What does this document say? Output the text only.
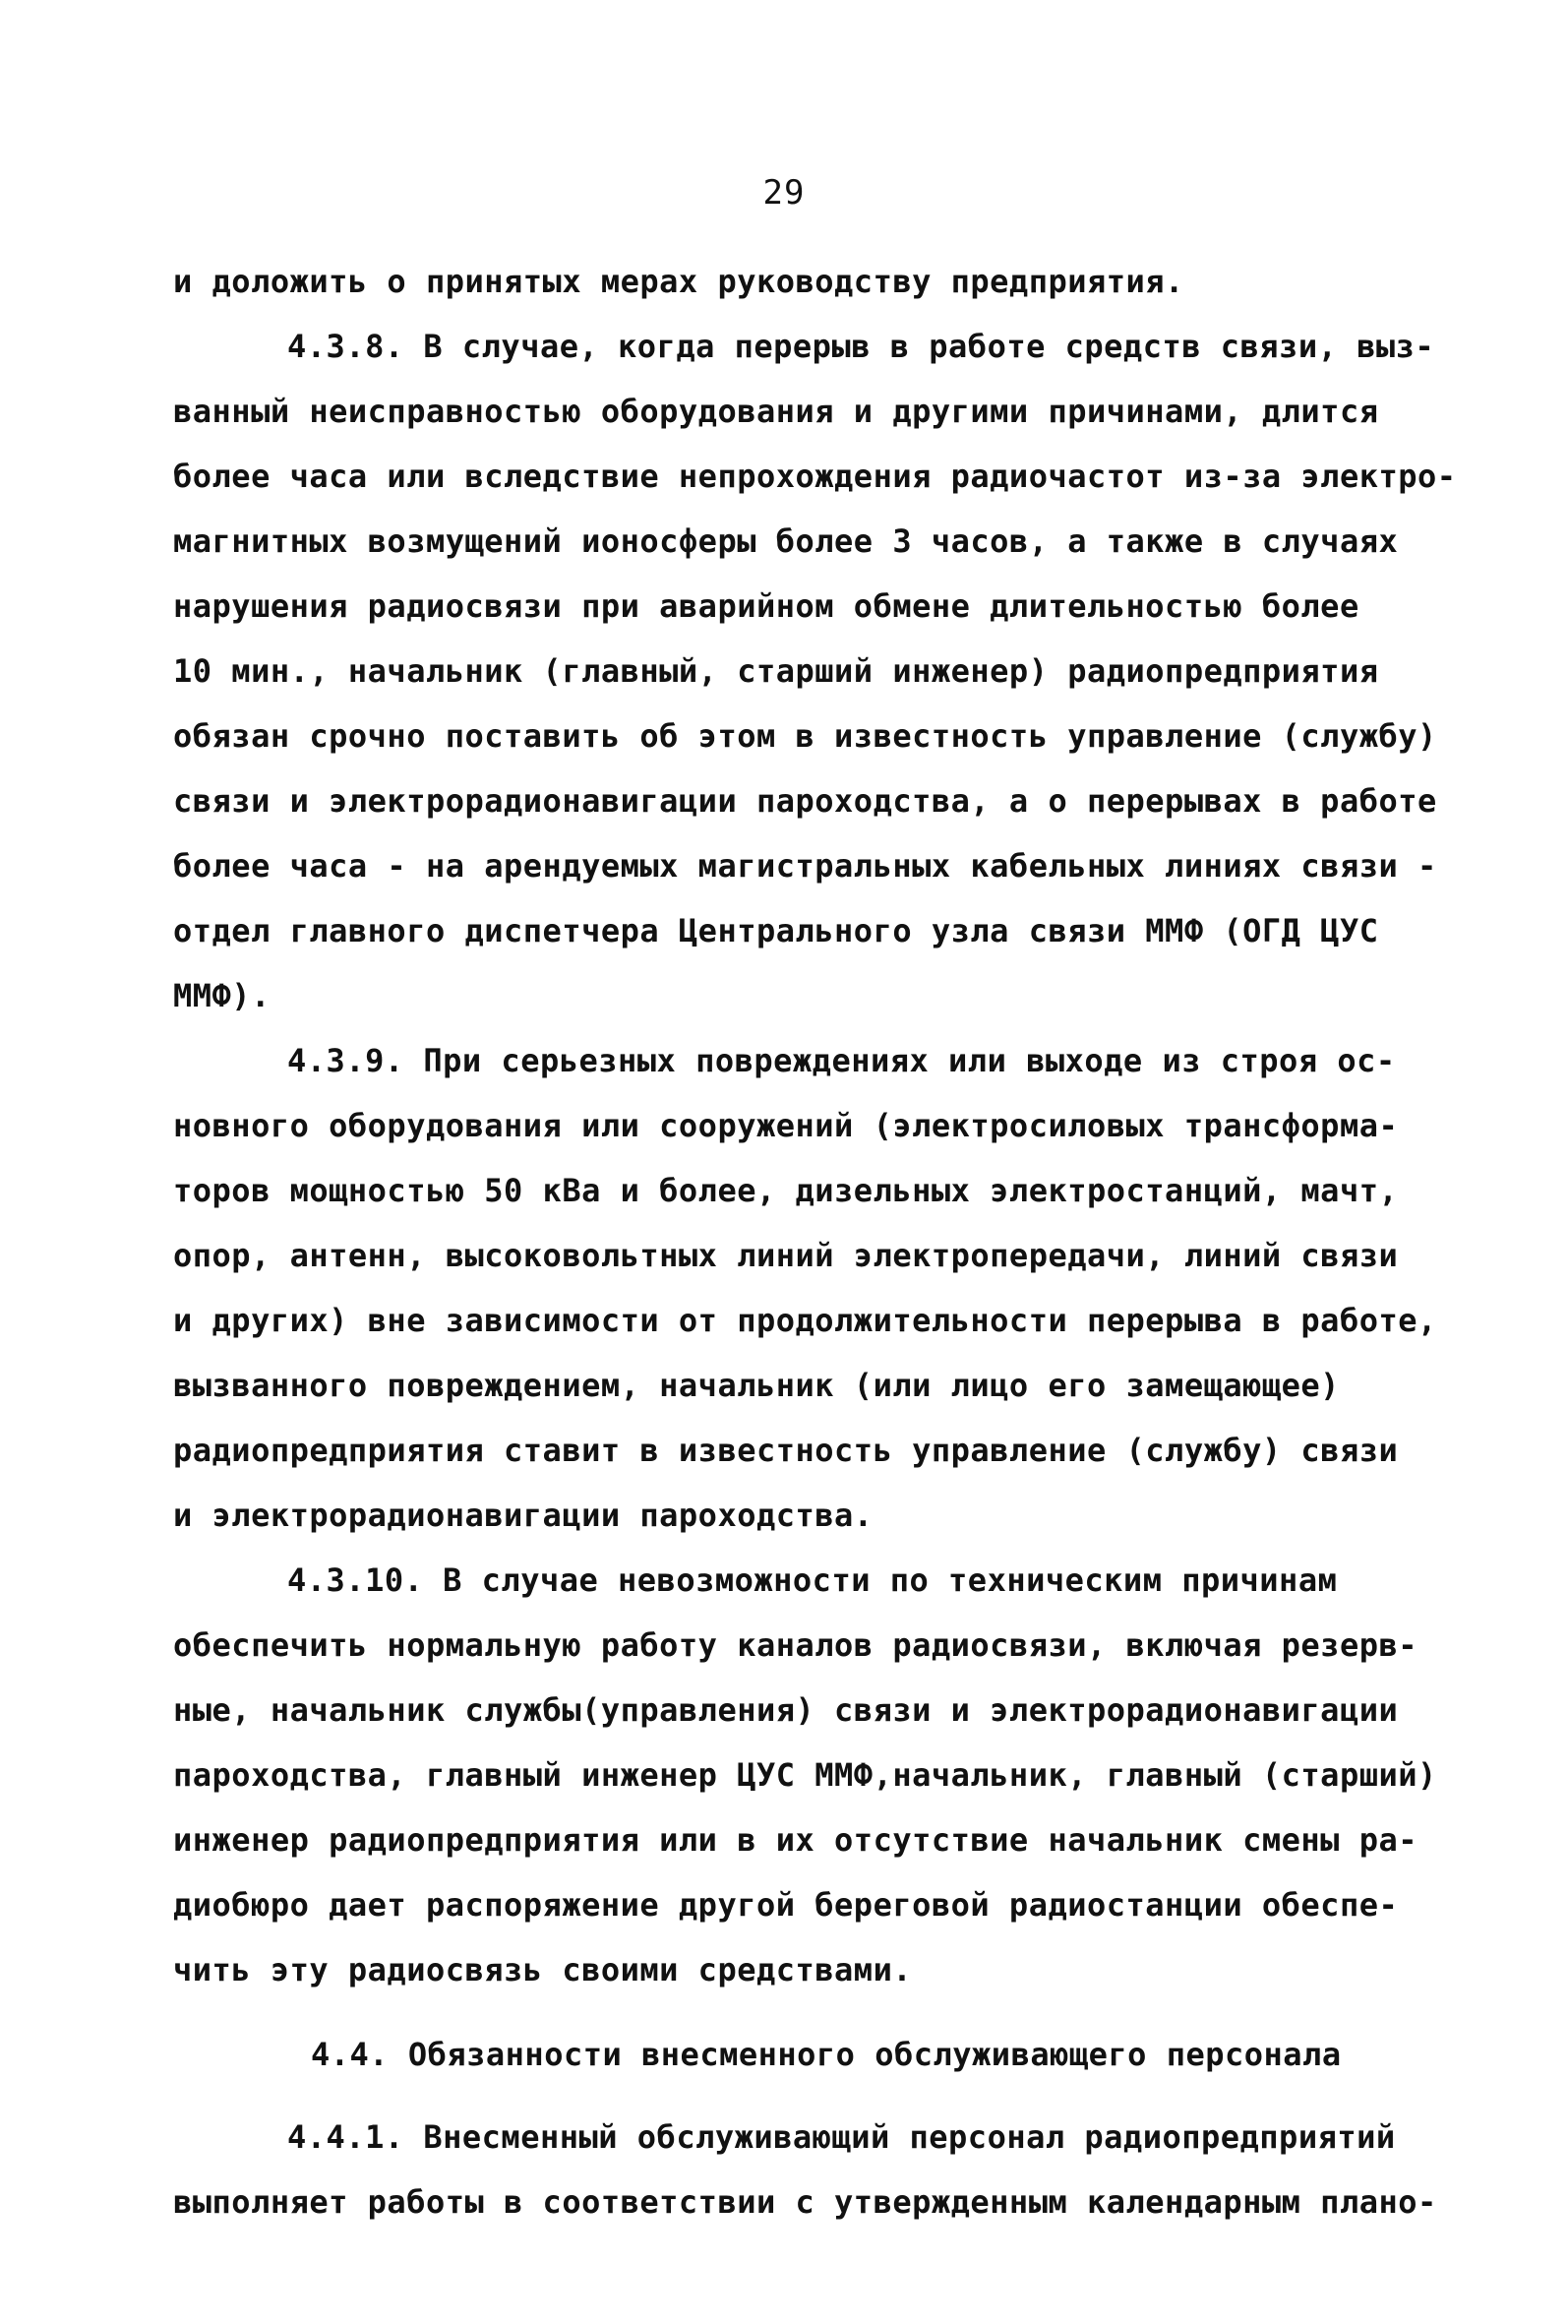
29
и доложить о принятых мерах руководству предприятия.
4.3.8. В случае, когда перерыв в работе средств связи, выз-
ванный неисправностью оборудования и другими причинами, длится
более часа или вследствие непрохождения радиочастот из-за электро-
магнитных возмущений ионосферы более 3 часов, а также в случаях
нарушения радиосвязи при аварийном обмене длительностью более
10 мин., начальник (главный, старший инженер) радиопредприятия
обязан срочно поставить об этом в известность управление (службу)
связи и электрорадионавигации пароходства, а о перерывах в работе
более часа - на арендуемых магистральных кабельных линиях связи -
отдел главного диспетчера Центрального узла связи ММФ (ОГД ЦУС
ММФ).
4.3.9. При серьезных повреждениях или выходе из строя ос-
новного оборудования или сооружений (электросиловых трансформа-
торов мощностью 50 кВа и более, дизельных электростанций, мачт,
опор, антенн, высоковольтных линий электропередачи, линий связи
и других) вне зависимости от продолжительности перерыва в работе,
вызванного повреждением, начальник (или лицо его замещающее)
радиопредприятия ставит в известность управление (службу) связи
и электрорадионавигации пароходства.
4.3.10. В случае невозможности по техническим причинам
обеспечить нормальную работу каналов радиосвязи, включая резерв-
ные, начальник службы(управления) связи и электрорадионавигации
пароходства, главный инженер ЦУС ММФ,начальник, главный (старший)
инженер радиопредприятия или в их отсутствие начальник смены ра-
диобюро дает распоряжение другой береговой радиостанции обеспе-
чить эту радиосвязь своими средствами.
4.4. Обязанности внесменного обслуживающего персонала
4.4.1. Внесменный обслуживающий персонал радиопредприятий
выполняет работы в соответствии с утвержденным календарным плано-
